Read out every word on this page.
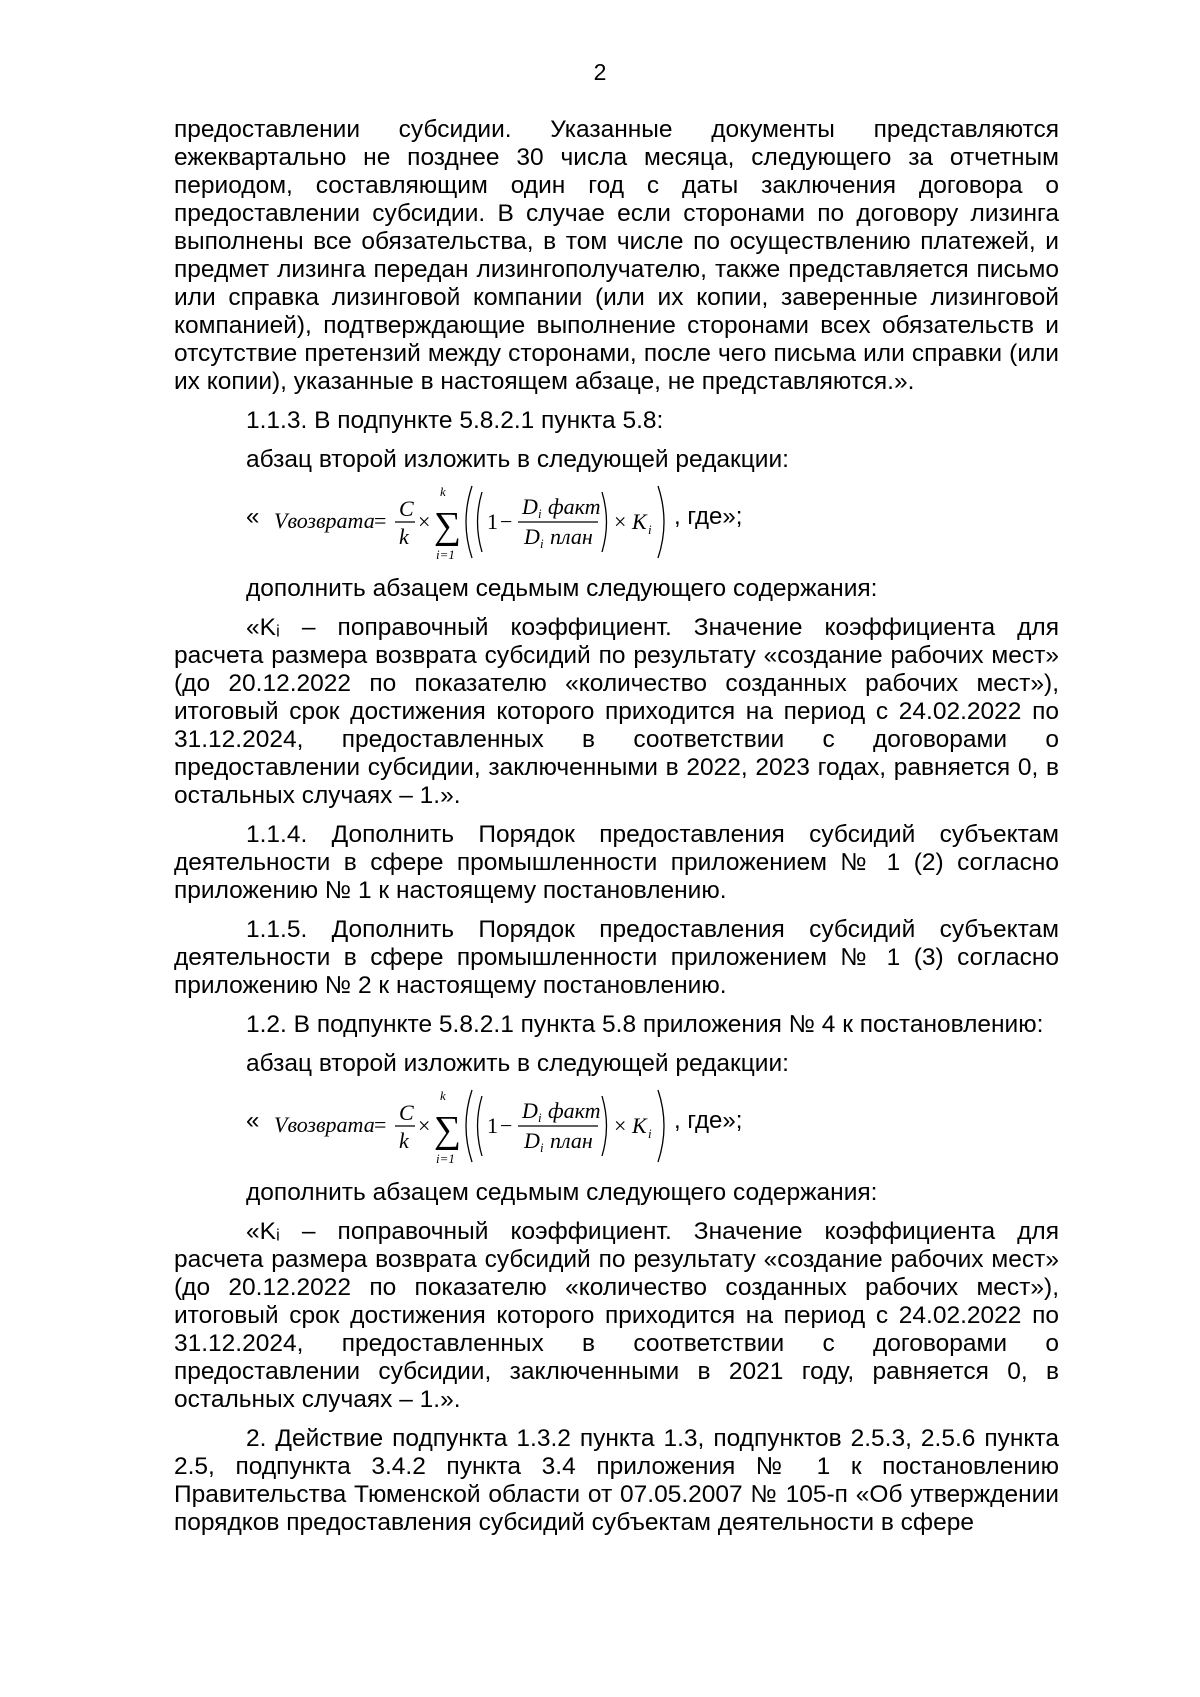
2

предоставлении субсидии. Указанные документы представляются ежеквартально не позднее 30 числа месяца, следующего за отчетным периодом, составляющим один год с даты заключения договора о предоставлении субсидии. В случае если сторонами по договору лизинга выполнены все обязательства, в том числе по осуществлению платежей, и предмет лизинга передан лизингополучателю, также представляется письмо или справка лизинговой компании (или их копии, заверенные лизинговой компанией), подтверждающие выполнение сторонами всех обязательств и отсутствие претензий между сторонами, после чего письма или справки (или их копии), указанные в настоящем абзаце, не представляются.».

1.1.3. В подпункте 5.8.2.1 пункта 5.8:

абзац второй изложить в следующей редакции:

« Vвозврата = C
k
×
k
∑
i=1
1 −
D i факт
D i план
× K i , где»;

дополнить абзацем седьмым следующего содержания:

«Kᵢ – поправочный коэффициент. Значение коэффициента для расчета размера возврата субсидий по результату «создание рабочих мест» (до 20.12.2022 по показателю «количество созданных рабочих мест»), итоговый срок достижения которого приходится на период с 24.02.2022 по 31.12.2024, предоставленных в соответствии с договорами о предоставлении субсидии, заключенными в 2022, 2023 годах, равняется 0, в остальных случаях – 1.».

1.1.4. Дополнить Порядок предоставления субсидий субъектам деятельности в сфере промышленности приложением № 1 (2) согласно приложению № 1 к настоящему постановлению.

1.1.5. Дополнить Порядок предоставления субсидий субъектам деятельности в сфере промышленности приложением № 1 (3) согласно приложению № 2 к настоящему постановлению.

1.2. В подпункте 5.8.2.1 пункта 5.8 приложения № 4 к постановлению:

абзац второй изложить в следующей редакции:

« Vвозврата = C
k
×
k
∑
i=1
1 −
D i факт
D i план
× K i , где»;

дополнить абзацем седьмым следующего содержания:

«Kᵢ – поправочный коэффициент. Значение коэффициента для расчета размера возврата субсидий по результату «создание рабочих мест» (до 20.12.2022 по показателю «количество созданных рабочих мест»), итоговый срок достижения которого приходится на период с 24.02.2022 по 31.12.2024, предоставленных в соответствии с договорами о предоставлении субсидии, заключенными в 2021 году, равняется 0, в остальных случаях – 1.».

2. Действие подпункта 1.3.2 пункта 1.3, подпунктов 2.5.3, 2.5.6 пункта 2.5, подпункта 3.4.2 пункта 3.4 приложения № 1 к постановлению Правительства Тюменской области от 07.05.2007 № 105-п «Об утверждении порядков предоставления субсидий субъектам деятельности в сфере
